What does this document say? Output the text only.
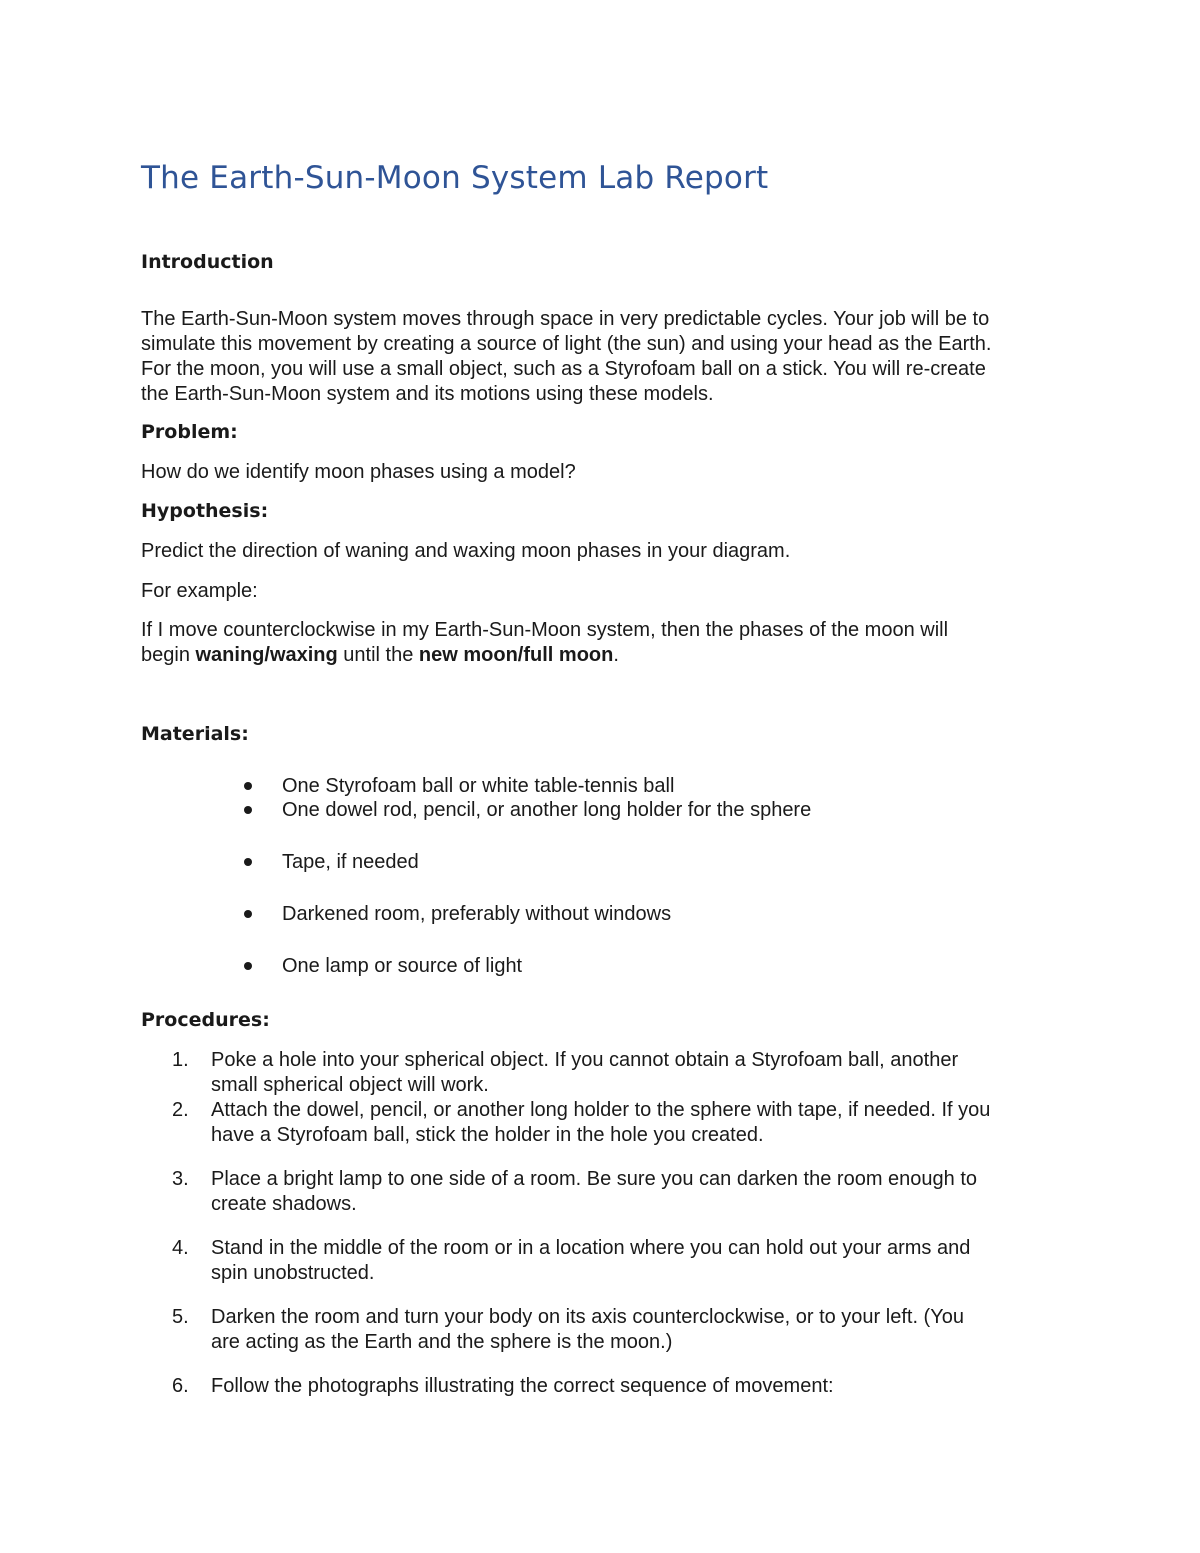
The Earth-Sun-Moon System Lab Report
Introduction
The Earth-Sun-Moon system moves through space in very predictable cycles. Your job will be to
simulate this movement by creating a source of light (the sun) and using your head as the Earth.
For the moon, you will use a small object, such as a Styrofoam ball on a stick. You will re-create
the Earth-Sun-Moon system and its motions using these models.
Problem:

How do we identify moon phases using a model?

Hypothesis:

Predict the direction of waning and waxing moon phases in your diagram.

For example:

If I move counterclockwise in my Earth-Sun-Moon system, then the phases of the moon will
begin waning/waxing until the new moon/full moon.
Materials:
One Styrofoam ball or white table-tennis ball
One dowel rod, pencil, or another long holder for the sphere
Tape, if needed
Darkened room, preferably without windows
One lamp or source of light
Procedures:
1.	Poke a hole into your spherical object. If you cannot obtain a Styrofoam ball, another
small spherical object will work.
2.	Attach the dowel, pencil, or another long holder to the sphere with tape, if needed. If you
have a Styrofoam ball, stick the holder in the hole you created.
3.	Place a bright lamp to one side of a room. Be sure you can darken the room enough to
create shadows.
4.	Stand in the middle of the room or in a location where you can hold out your arms and
spin unobstructed.
5.	Darken the room and turn your body on its axis counterclockwise, or to your left. (You
are acting as the Earth and the sphere is the moon.)
6.	Follow the photographs illustrating the correct sequence of movement:
